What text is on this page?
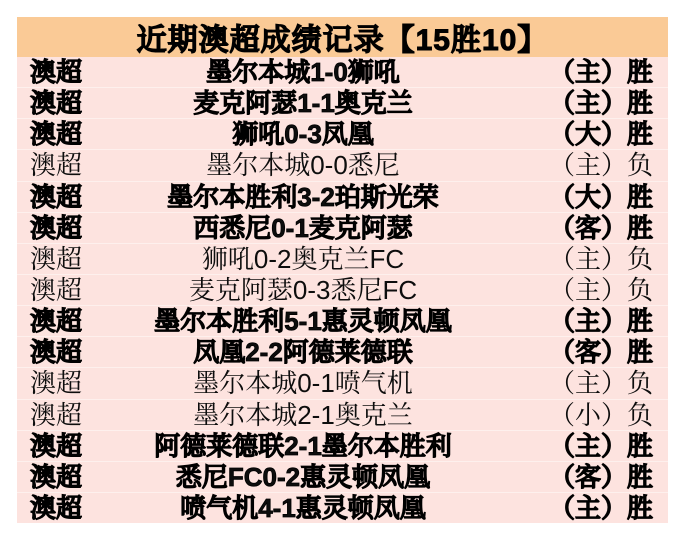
近期澳超成绩记录【15胜10】
澳超	墨尔本城1-0狮吼	（主）胜
澳超	麦克阿瑟1-1奥克兰	（主）胜
澳超	狮吼0-3凤凰	（大）胜
澳超	墨尔本城0-0悉尼	（主）负
澳超	墨尔本胜利3-2珀斯光荣	（大）胜
澳超	西悉尼0-1麦克阿瑟	（客）胜
澳超	狮吼0-2奥克兰FC	（主）负
澳超	麦克阿瑟0-3悉尼FC	（主）负
澳超	墨尔本胜利5-1惠灵顿凤凰	（主）胜
澳超	凤凰2-2阿德莱德联	（客）胜
澳超	墨尔本城0-1喷气机	（主）负
澳超	墨尔本城2-1奥克兰	（小）负
澳超	阿德莱德联2-1墨尔本胜利	（主）胜
澳超	悉尼FC0-2惠灵顿凤凰	（客）胜
澳超	喷气机4-1惠灵顿凤凰	（主）胜
